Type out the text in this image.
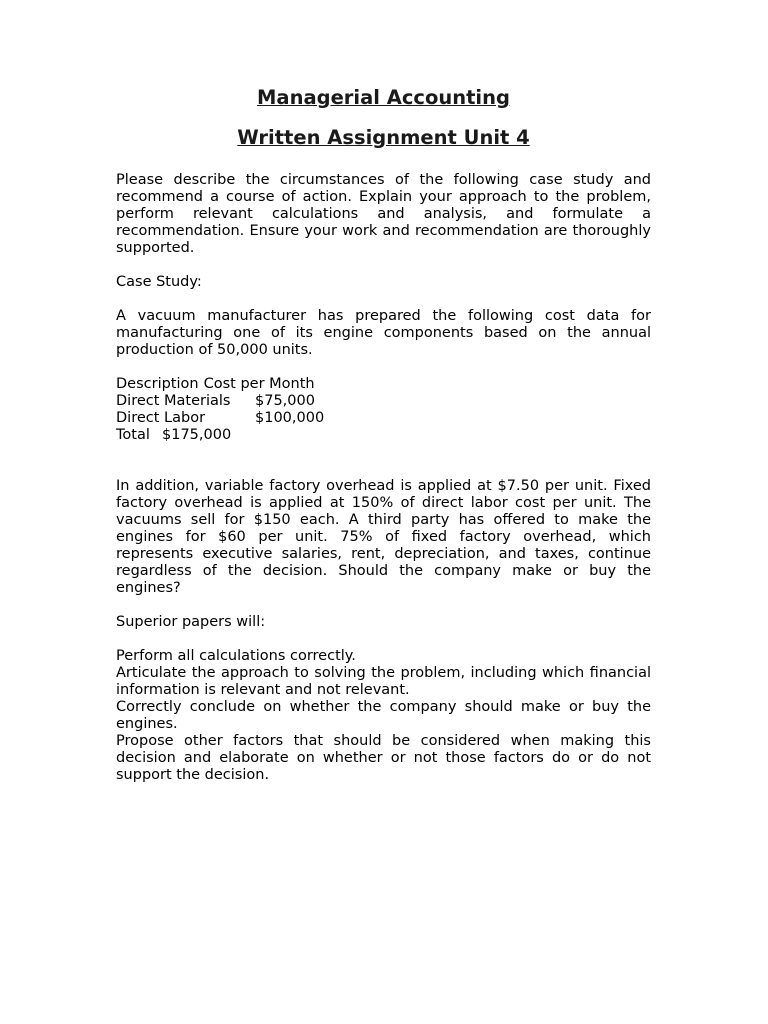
Managerial Accounting
Written Assignment Unit 4

Please describe the circumstances of the following case study and recommend a course of action. Explain your approach to the problem, perform relevant calculations and analysis, and formulate a recommendation. Ensure your work and recommendation are thoroughly supported.

Case Study:

A vacuum manufacturer has prepared the following cost data for manufacturing one of its engine components based on the annual production of 50,000 units.

Description Cost per Month
Direct Materials	$75,000
Direct Labor	$100,000
Total $175,000

In addition, variable factory overhead is applied at $7.50 per unit. Fixed factory overhead is applied at 150% of direct labor cost per unit. The vacuums sell for $150 each. A third party has offered to make the engines for $60 per unit. 75% of fixed factory overhead, which represents executive salaries, rent, depreciation, and taxes, continue regardless of the decision. Should the company make or buy the engines?

Superior papers will:

Perform all calculations correctly.

Articulate the approach to solving the problem, including which financial information is relevant and not relevant.

Correctly conclude on whether the company should make or buy the engines.

Propose other factors that should be considered when making this decision and elaborate on whether or not those factors do or do not support the decision.
